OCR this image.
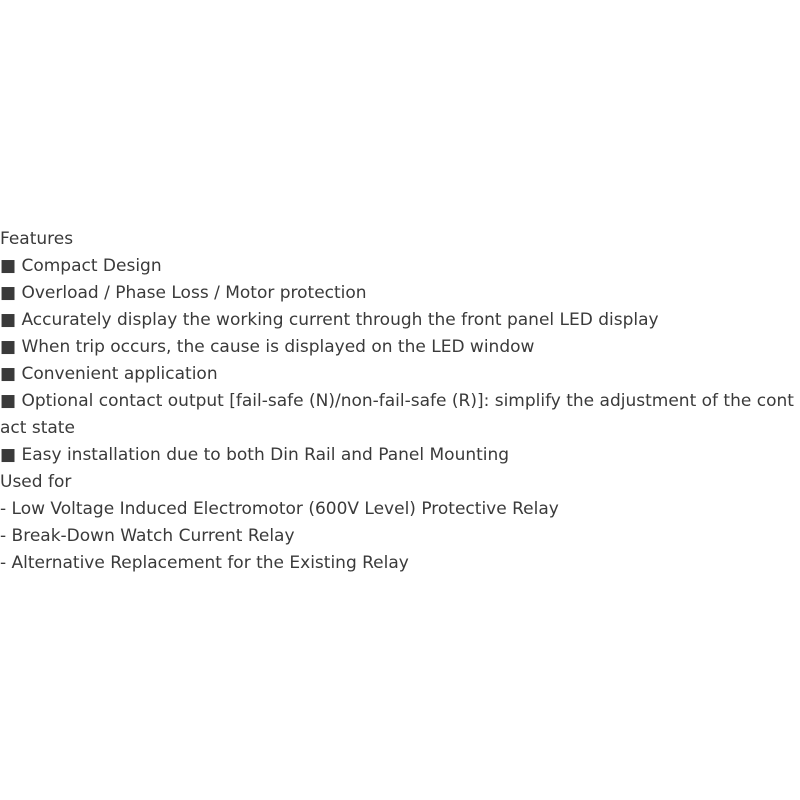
Features

■ Compact Design

■ Overload / Phase Loss / Motor protection

■ Accurately display the working current through the front panel LED display

■ When trip occurs, the cause is displayed on the LED window

■ Convenient application

■ Optional contact output [fail-safe (N)/non-fail-safe (R)]: simplify the adjustment of the contact state

■ Easy installation due to both Din Rail and Panel Mounting

Used for

- Low Voltage Induced Electromotor (600V Level) Protective Relay

- Break-Down Watch Current Relay

- Alternative Replacement for the Existing Relay
